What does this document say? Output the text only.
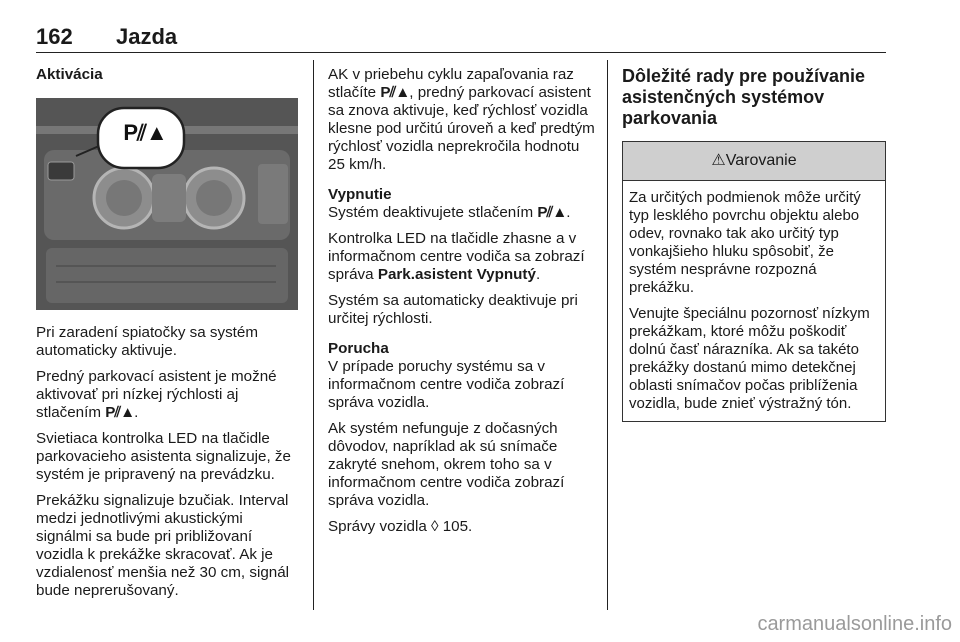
162 Jazda
Aktivácia
P⫽▲

Pri zaradení spiatočky sa systém automaticky aktivuje.

Predný parkovací asistent je možné aktivovať pri nízkej rýchlosti aj stlačením P⫽▲.

Svietiaca kontrolka LED na tlačidle parkovacieho asistenta signalizuje, že systém je pripravený na prevádzku.

Prekážku signalizuje bzučiak. Interval medzi jednotlivými akustickými signálmi sa bude pri približovaní vozidla k prekážke skracovať. Ak je vzdialenosť menšia než 30 cm, signál bude neprerušovaný.

AK v priebehu cyklu zapaľovania raz stlačíte P⫽▲, predný parkovací asistent sa znova aktivuje, keď rýchlosť vozidla klesne pod určitú úroveň a keď predtým rýchlosť vozidla neprekročila hodnotu 25 km/h.

Vypnutie

Systém deaktivujete stlačením P⫽▲.

Kontrolka LED na tlačidle zhasne a v informačnom centre vodiča sa zobrazí správa Park.asistent Vypnutý.

Systém sa automaticky deaktivuje pri určitej rýchlosti.

Porucha

V prípade poruchy systému sa v informačnom centre vodiča zobrazí správa vozidla.

Ak systém nefunguje z dočasných dôvodov, napríklad ak sú snímače zakryté snehom, okrem toho sa v informačnom centre vodiča zobrazí správa vozidla.

Správy vozidla ◊ 105.

Dôležité rady pre používanie asistenčných systémov parkovania
⚠Varovanie

Za určitých podmienok môže určitý typ lesklého povrchu objektu alebo odev, rovnako tak ako určitý typ vonkajšieho hluku spôsobiť, že systém nesprávne rozpozná prekážku.

Venujte špeciálnu pozornosť nízkym prekážkam, ktoré môžu poškodiť dolnú časť nárazníka. Ak sa takéto prekážky dostanú mimo detekčnej oblasti snímačov počas priblíženia vozidla, bude znieť výstražný tón.

carmanualsonline.info
